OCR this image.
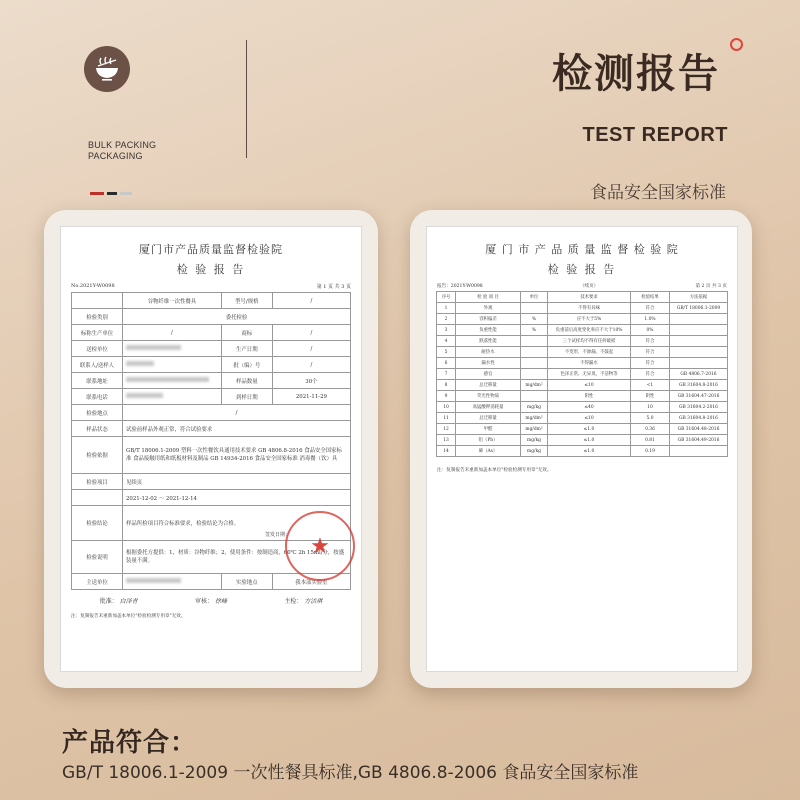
BULK PACKING
PACKAGING
检测报告
TEST REPORT
食品安全国家标准
厦门市产品质量监督检验院
检 验 报 告
No.2021Y-W0098	第 1 页 共 3 页
	谷物纤维一次性餐具	型号/规格	/
检验类别	委托检验		
标称生产单位	/	商标	/
送检单位		生产日期	/
联系人/送样人		批（编）号	/
联系地址		样品数量	30个
联系电话		到样日期	2021-11-29
检验地点	/		
样品状态	试验前样品外观正常，符合试验要求		
检验依据	GB/T 18006.1-2009 塑料一次性餐饮具通用技术要求 GB 4806.8-2016 食品安全国家标准 食品接触用纸和纸板材料及制品 GB 14934-2016 食品安全国家标准 消毒餐（饮）具		
检验项目	见续页		
	2021-12-02 ～ 2021-12-14		
检验结论	样品所检项目符合标准要求，检验结论为合格。
签发日期：		

检验说明	根据委托方提供：1，材质：谷物纤维；2，使用条件：按制造商，60℃ 2h 15ml/分，按盛装量不满。		
主送单位		实验地点	我本部实验室
批准： 白泽青	审核： 徐峰	主检： 方洁琪
注：复制报告未重新加盖本单位"检验检测专用章"无效。
★
厦 门 市 产 品 质 量 监 督 检 验 院
检 验 报 告
报告：2021Y-W0098	（续页）	第 2 页 共 3 页
序号	检 验 项 目	单位	技术要求	检验结果	方法依据
1	外观		不得有异味	符合	GB/T 18006.1-2009
2	容积偏差	%	应不大于5%	1.0%	
3	负重性能	%	负重前后高度变化率应不大于10%	0%	
4	跌落性能		三个试样均不得有任何破损	符合	
5	耐热水		不变形，不渗漏，不鼓起	符合	
6	漏水性		不得漏水	符合	
7	感官		色泽正常，无异臭，不洁物等	符合	GB 4806.7-2016
8	总迁移量	mg/dm²	≤10	<1	GB 31604.8-2016
9	荧光性物质		阴性	阴性	GB 31604.47-2016
10	高锰酸钾消耗量	mg/kg	≤40	10	GB 31604.2-2016
11	总迁移量	mg/dm²	≤10	5.0	GB 31604.8-2016
12	甲醛	mg/dm²	≤1.0	0.36	GB 31604.48-2016
13	铅（Pb）	mg/kg	≤1.0	0.81	GB 31604.49-2016
14	砷（As）	mg/kg	≤1.0	0.19	
注：复制报告未重新加盖本单位"检验检测专用章"无效。
产品符合：
GB/T 18006.1-2009 一次性餐具标准,GB 4806.8-2006 食品安全国家标准
